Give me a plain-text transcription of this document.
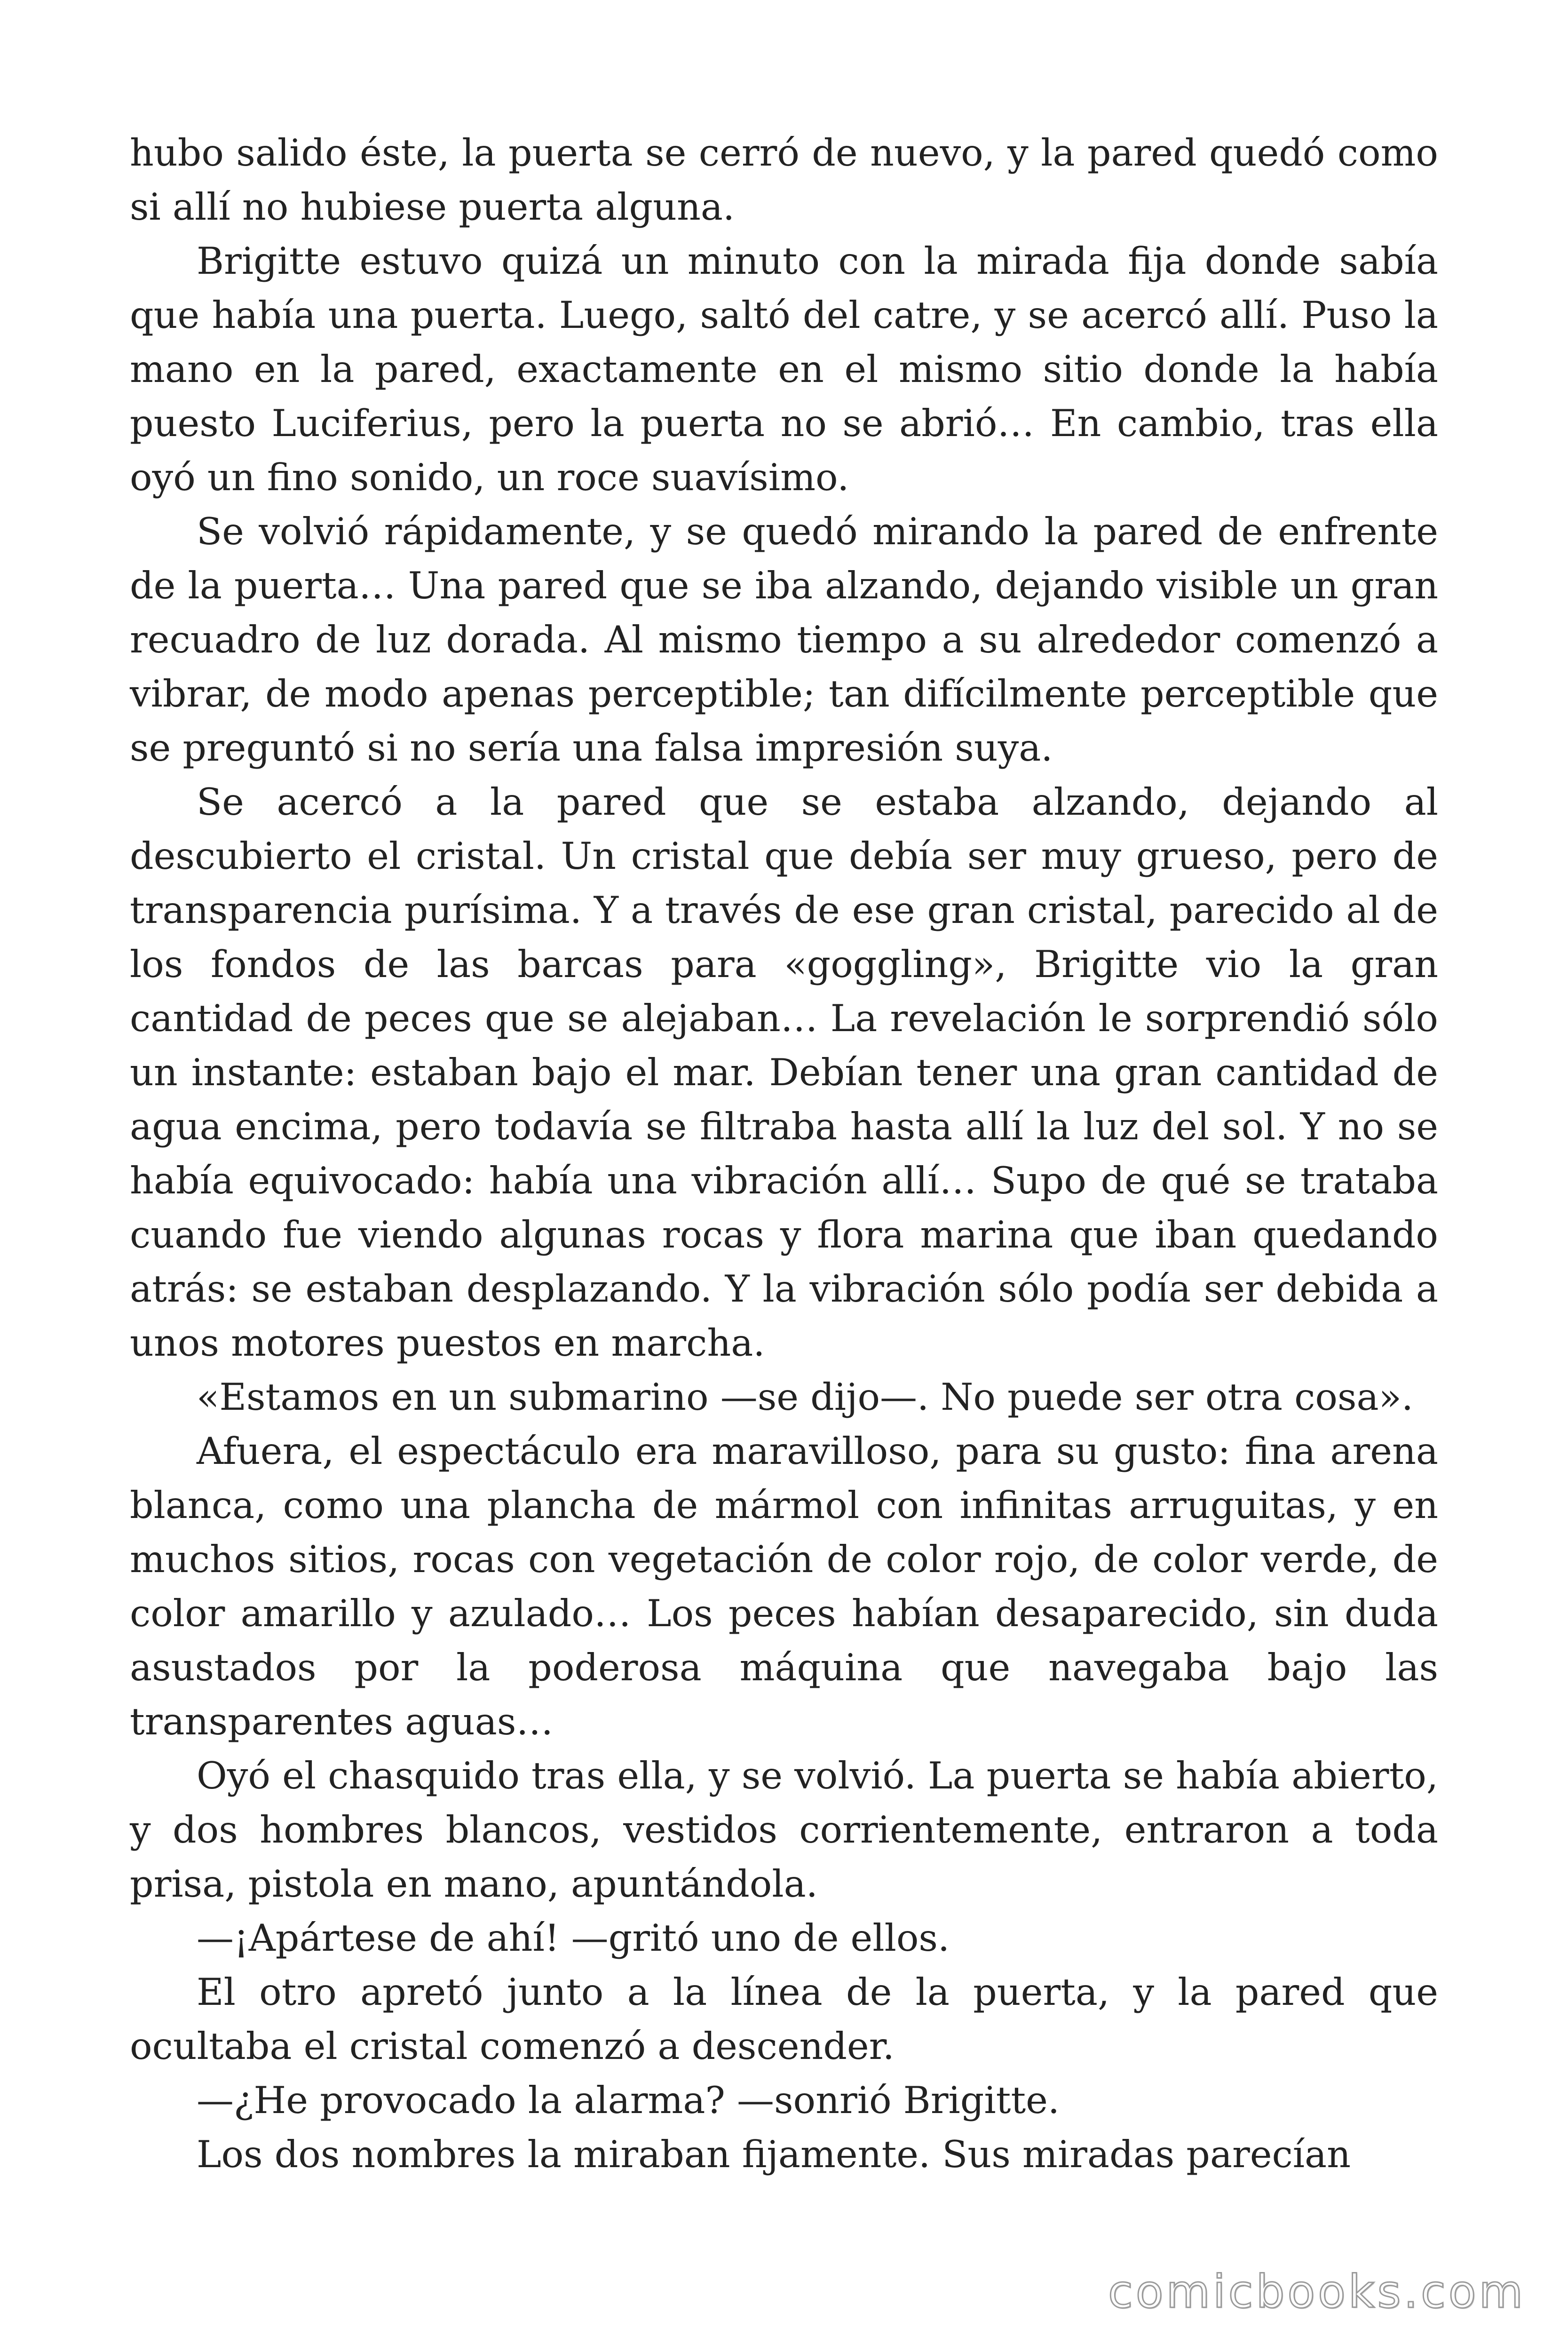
hubo salido éste, la puerta se cerró de nuevo, y la pared quedó como si allí no hubiese puerta alguna.

Brigitte estuvo quizá un minuto con la mirada fija donde sabía que había una puerta. Luego, saltó del catre, y se acercó allí. Puso la mano en la pared, exactamente en el mismo sitio donde la había puesto Luciferius, pero la puerta no se abrió… En cambio, tras ella oyó un fino sonido, un roce suavísimo.

Se volvió rápidamente, y se quedó mirando la pared de enfrente de la puerta… Una pared que se iba alzando, dejando visible un gran recuadro de luz dorada. Al mismo tiempo a su alrededor comenzó a vibrar, de modo apenas perceptible; tan difícilmente perceptible que se preguntó si no sería una falsa impresión suya.

Se acercó a la pared que se estaba alzando, dejando al descubierto el cristal. Un cristal que debía ser muy grueso, pero de transparencia purísima. Y a través de ese gran cristal, parecido al de los fondos de las barcas para «goggling», Brigitte vio la gran cantidad de peces que se alejaban… La revelación le sorprendió sólo un instante: estaban bajo el mar. Debían tener una gran cantidad de agua encima, pero todavía se filtraba hasta allí la luz del sol. Y no se había equivocado: había una vibración allí… Supo de qué se trataba cuando fue viendo algunas rocas y flora marina que iban quedando atrás: se estaban desplazando. Y la vibración sólo podía ser debida a unos motores puestos en marcha.

«Estamos en un submarino —se dijo—. No puede ser otra cosa».

Afuera, el espectáculo era maravilloso, para su gusto: fina arena blanca, como una plancha de mármol con infinitas arruguitas, y en muchos sitios, rocas con vegetación de color rojo, de color verde, de color amarillo y azulado… Los peces habían desaparecido, sin duda asustados por la poderosa máquina que navegaba bajo las transparentes aguas…

Oyó el chasquido tras ella, y se volvió. La puerta se había abierto, y dos hombres blancos, vestidos corrientemente, entraron a toda prisa, pistola en mano, apuntándola.

—¡Apártese de ahí! —gritó uno de ellos.

El otro apretó junto a la línea de la puerta, y la pared que ocultaba el cristal comenzó a descender.

—¿He provocado la alarma? —sonrió Brigitte.

Los dos nombres la miraban fijamente. Sus miradas parecían

comicbooks.com
